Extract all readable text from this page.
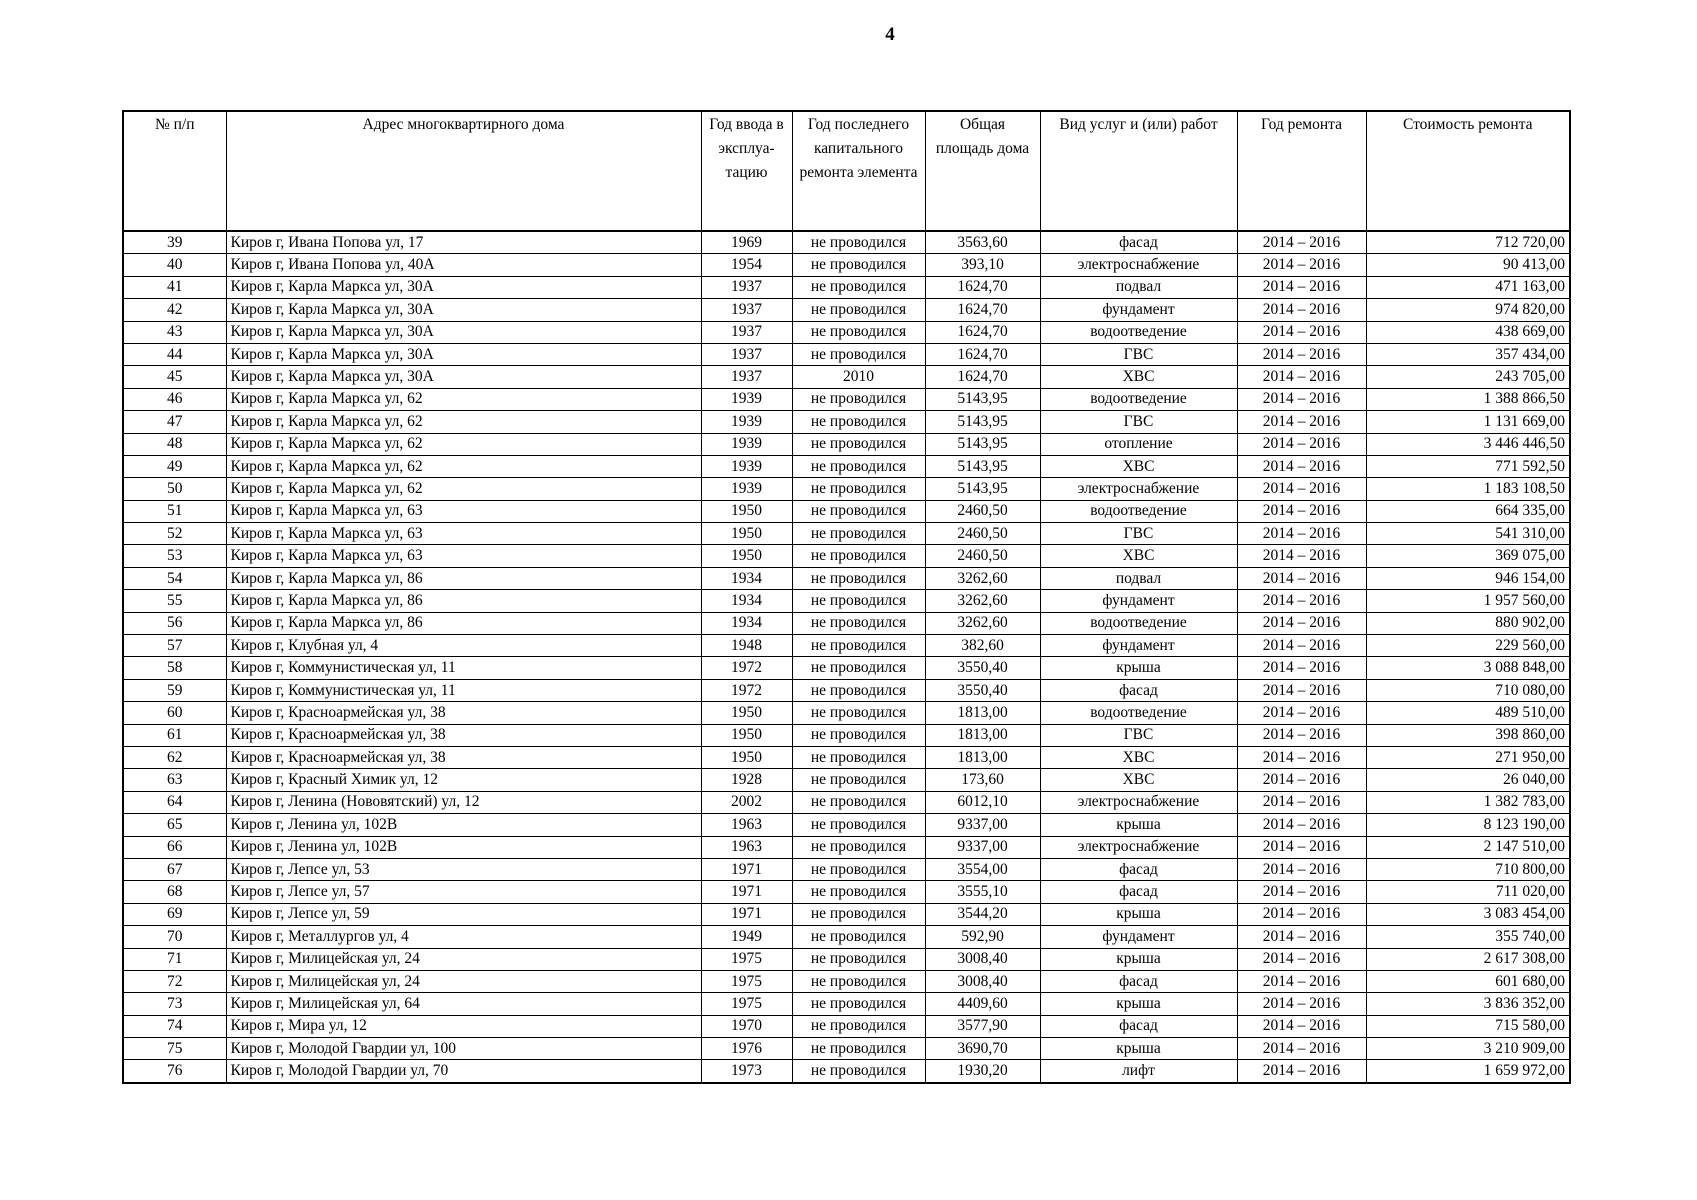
4
№ п/п	Адрес многоквартирного дома	Год ввода в эксплуа- тацию	Год последнего капитального ремонта элемента	Общая площадь дома	Вид услуг и (или) работ	Год ремонта	Стоимость ремонта
39	Киров г, Ивана Попова ул, 17	1969	не проводился	3563,60	фасад	2014 – 2016	712 720,00
40	Киров г, Ивана Попова ул, 40А	1954	не проводился	393,10	электроснабжение	2014 – 2016	90 413,00
41	Киров г, Карла Маркса ул, 30А	1937	не проводился	1624,70	подвал	2014 – 2016	471 163,00
42	Киров г, Карла Маркса ул, 30А	1937	не проводился	1624,70	фундамент	2014 – 2016	974 820,00
43	Киров г, Карла Маркса ул, 30А	1937	не проводился	1624,70	водоотведение	2014 – 2016	438 669,00
44	Киров г, Карла Маркса ул, 30А	1937	не проводился	1624,70	ГВС	2014 – 2016	357 434,00
45	Киров г, Карла Маркса ул, 30А	1937	2010	1624,70	ХВС	2014 – 2016	243 705,00
46	Киров г, Карла Маркса ул, 62	1939	не проводился	5143,95	водоотведение	2014 – 2016	1 388 866,50
47	Киров г, Карла Маркса ул, 62	1939	не проводился	5143,95	ГВС	2014 – 2016	1 131 669,00
48	Киров г, Карла Маркса ул, 62	1939	не проводился	5143,95	отопление	2014 – 2016	3 446 446,50
49	Киров г, Карла Маркса ул, 62	1939	не проводился	5143,95	ХВС	2014 – 2016	771 592,50
50	Киров г, Карла Маркса ул, 62	1939	не проводился	5143,95	электроснабжение	2014 – 2016	1 183 108,50
51	Киров г, Карла Маркса ул, 63	1950	не проводился	2460,50	водоотведение	2014 – 2016	664 335,00
52	Киров г, Карла Маркса ул, 63	1950	не проводился	2460,50	ГВС	2014 – 2016	541 310,00
53	Киров г, Карла Маркса ул, 63	1950	не проводился	2460,50	ХВС	2014 – 2016	369 075,00
54	Киров г, Карла Маркса ул, 86	1934	не проводился	3262,60	подвал	2014 – 2016	946 154,00
55	Киров г, Карла Маркса ул, 86	1934	не проводился	3262,60	фундамент	2014 – 2016	1 957 560,00
56	Киров г, Карла Маркса ул, 86	1934	не проводился	3262,60	водоотведение	2014 – 2016	880 902,00
57	Киров г, Клубная ул, 4	1948	не проводился	382,60	фундамент	2014 – 2016	229 560,00
58	Киров г, Коммунистическая ул, 11	1972	не проводился	3550,40	крыша	2014 – 2016	3 088 848,00
59	Киров г, Коммунистическая ул, 11	1972	не проводился	3550,40	фасад	2014 – 2016	710 080,00
60	Киров г, Красноармейская ул, 38	1950	не проводился	1813,00	водоотведение	2014 – 2016	489 510,00
61	Киров г, Красноармейская ул, 38	1950	не проводился	1813,00	ГВС	2014 – 2016	398 860,00
62	Киров г, Красноармейская ул, 38	1950	не проводился	1813,00	ХВС	2014 – 2016	271 950,00
63	Киров г, Красный Химик ул, 12	1928	не проводился	173,60	ХВС	2014 – 2016	26 040,00
64	Киров г, Ленина (Нововятский) ул, 12	2002	не проводился	6012,10	электроснабжение	2014 – 2016	1 382 783,00
65	Киров г, Ленина ул, 102В	1963	не проводился	9337,00	крыша	2014 – 2016	8 123 190,00
66	Киров г, Ленина ул, 102В	1963	не проводился	9337,00	электроснабжение	2014 – 2016	2 147 510,00
67	Киров г, Лепсе ул, 53	1971	не проводился	3554,00	фасад	2014 – 2016	710 800,00
68	Киров г, Лепсе ул, 57	1971	не проводился	3555,10	фасад	2014 – 2016	711 020,00
69	Киров г, Лепсе ул, 59	1971	не проводился	3544,20	крыша	2014 – 2016	3 083 454,00
70	Киров г, Металлургов ул, 4	1949	не проводился	592,90	фундамент	2014 – 2016	355 740,00
71	Киров г, Милицейская ул, 24	1975	не проводился	3008,40	крыша	2014 – 2016	2 617 308,00
72	Киров г, Милицейская ул, 24	1975	не проводился	3008,40	фасад	2014 – 2016	601 680,00
73	Киров г, Милицейская ул, 64	1975	не проводился	4409,60	крыша	2014 – 2016	3 836 352,00
74	Киров г, Мира ул, 12	1970	не проводился	3577,90	фасад	2014 – 2016	715 580,00
75	Киров г, Молодой Гвардии ул, 100	1976	не проводился	3690,70	крыша	2014 – 2016	3 210 909,00
76	Киров г, Молодой Гвардии ул, 70	1973	не проводился	1930,20	лифт	2014 – 2016	1 659 972,00
